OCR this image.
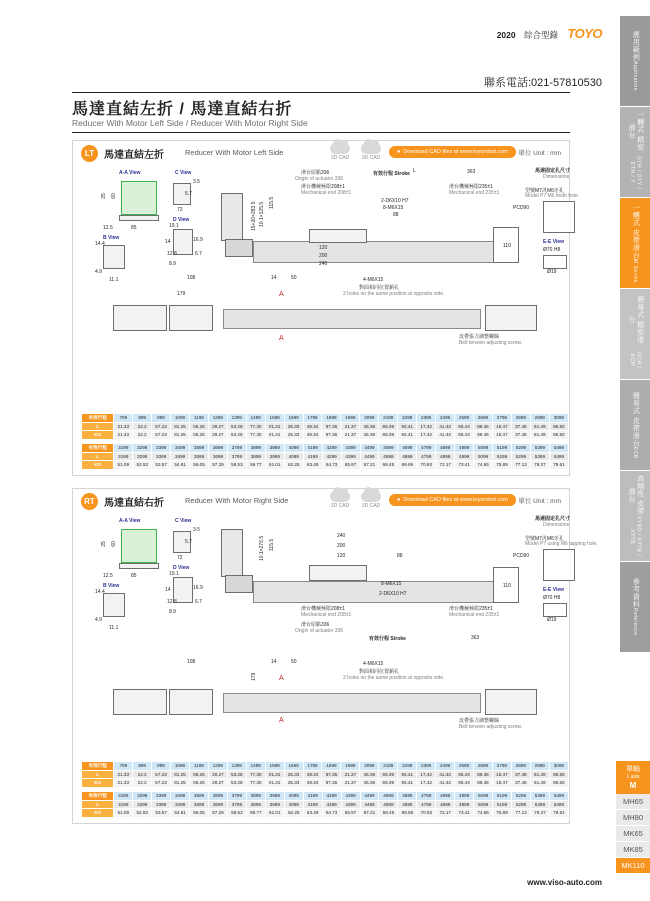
2020 綜合型錄 TOYO
聯系電話:021-57810530
馬達直結左折 / 馬達直結右折
Reducer With Motor Left Side / Reducer With Motor Right Side
LT 馬達直結左折	Reducer With Motor Left Side
2D CAD	3D CAD
● Download CAD files at www.toyorobot.com 單位 Unit : mm
A-A View
25 60
12.5	85
B View
14.4
4.9
11.1
C View
3.5
5.7
72
D View
19.1
14
12.8
16.9
6.7
8.9
滑台原點336
Origin of actuator 336
滑台機械極限208±1
Mechanical end 208±1
有效行程 Stroke L	363
滑台機械極限235±1
Mechanical end 235±1
2-D6X10 H7
8-M6X15
88
120
200
240
110
115.5
10.1×125.5
15+20×283.5
馬達固定孔尺寸
Dimensions
型號M7汎M6牙孔
Model P7 M6 tooth hole.
PCD90
E-E View
Ø70 H8
Ø19
4-M6X15
對面相同位置銷孔
2 holes on the same position at opposite side.
108
179
14	50
A
A	皮帶張力調整螺絲
Belt tension adjusting screw.
有效行程	799	899	999	1099	1199	1299	1399	1499	1599	1699	1799	1899	1999	2099	2199	2299	2399	2499	2599	2699	2799	2899	2999	3099
L	21.33	22.2	57.23	81.25	05.26	29.27	53.28	77.30	01.31	25.33	49.34	97.36	21.37	45.39	69.39	93.41	17.42	41.43	65.44	89.46	15.47	37.48	61.49	85.50
KG	21.33	22.2	57.23	81.25	05.26	29.27	53.28	77.30	01.31	25.33	49.34	97.36	21.37	45.39	69.39	93.41	17.42	41.43	65.44	89.46	15.47	37.48	61.49	85.50
有效行程	3199	3299	3399	3499	3599	3699	3799	3899	3999	4099	4199	4299	4399	4499	4599	4699	4799	4899	4999	5099	5199	5299	5399	5499
L	3199	3299	3399	3499	3599	3699	3799	3899	3999	4099	4199	4299	4399	4499	4599	4699	4799	4899	4999	5099	5199	5299	5399	5499
KG	51.09	52.53	53.57	54.81	56.05	57.29	58.53	59.77	61.01	62.25	63.49	64.73	65.97	67.21	68.45	69.69	70.93	72.17	73.41	74.65	75.89	77.13	78.37	79.61
RT 馬達直結右折	Reducer With Motor Right Side
2D CAD	3D CAD
● Download CAD files at www.toyorobot.com 單位 Unit : mm
A-A View
25 60
12.5	85
B View
14.4
4.9
11.1
C View
3.5
5.7
72
D View
19.1
14
12.8
16.9
6.7
8.9
240
200
120	88
110
115.5
10.1×276.5
滑台機械極限208±1
Mechanical end 208±1
8-M6X15
2-D6X10 H7
滑台機械極限235±1
Mechanical end 235±1
滑台原點336
Origin of actuator 336
有效行程 Stroke	363
馬達固定孔尺寸
Dimensions
型號M7汎M6牙孔
Model P7 using M6 tapping hole.
PCD90
E-E View
Ø70 H8
Ø19
4-M6X15
對面相同位置銷孔
2 holes on the same position at opposite side.
108
179
14	50
A
A	皮帶張力調整螺絲
Belt tension adjusting screw.
有效行程	799	899	999	1099	1199	1299	1399	1499	1599	1699	1799	1899	1999	2099	2199	2299	2399	2499	2599	2699	2799	2899	2999	3099
L	21.33	22.2	57.23	81.25	05.26	29.27	53.28	77.30	01.31	25.33	49.34	97.36	21.37	45.39	69.39	93.41	17.42	41.43	65.44	89.46	15.47	37.48	61.49	85.50
KG	21.33	22.2	57.23	81.25	05.26	29.27	53.28	77.30	01.31	25.33	49.34	97.36	21.37	45.39	69.39	93.41	17.42	41.43	65.44	89.46	15.47	37.48	61.49	85.50
有效行程	3199	3299	3399	3499	3599	3699	3799	3899	3999	4099	4199	4299	4399	4499	4599	4699	4799	4899	4999	5099	5199	5299	5399	5499
L	3199	3299	3399	3499	3599	3699	3799	3899	3999	4099	4199	4299	4399	4499	4599	4699	4799	4899	4999	5099	5199	5299	5399	5499
KG	51.09	52.53	53.57	54.81	56.05	57.29	58.53	59.77	61.01	62.25	63.49	64.73	65.97	67.21	68.45	69.69	70.93	72.17	73.41	74.65	75.89	77.13	78.37	79.61
www.viso-auto.com
應用範例
Application
一體式 精密滑台
GTH / GTY / ETH / Y
一體式 皮帶滑台
M Series
簡易式 精密滑台
GCH / ECH
簡易式 皮帶滑台
ECB
高剛性 皮帶滑台
XYBO / XYTB / XYTB
參考資料
Reference
單軸
1 axis
M
MH65
MH80
MK65
MK85
MK110
